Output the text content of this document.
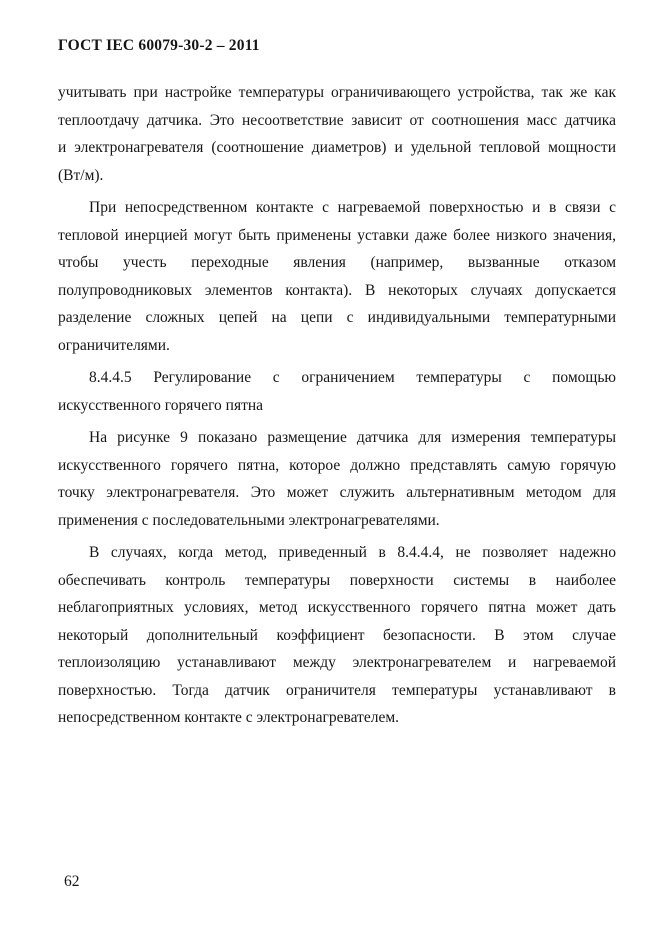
ГОСТ IEC 60079-30-2 – 2011
учитывать при настройке температуры ограничивающего устройства, так же как
теплоотдачу датчика. Это несоответствие зависит от соотношения масс датчика
и электронагревателя (соотношение диаметров) и удельной тепловой мощности
(Вт/м).
При непосредственном контакте с нагреваемой поверхностью и в связи с
тепловой инерцией могут быть применены уставки даже более низкого значения,
чтобы учесть переходные явления (например, вызванные отказом
полупроводниковых элементов контакта). В некоторых случаях допускается
разделение сложных цепей на цепи с индивидуальными температурными
ограничителями.
8.4.4.5 Регулирование с ограничением температуры с помощью
искусственного горячего пятна
На рисунке 9 показано размещение датчика для измерения температуры
искусственного горячего пятна, которое должно представлять самую горячую
точку электронагревателя. Это может служить альтернативным методом для
применения с последовательными электронагревателями.
В случаях, когда метод, приведенный в 8.4.4.4, не позволяет надежно
обеспечивать контроль температуры поверхности системы в наиболее
неблагоприятных условиях, метод искусственного горячего пятна может дать
некоторый дополнительный коэффициент безопасности. В этом случае
теплоизоляцию устанавливают между электронагревателем и нагреваемой
поверхностью. Тогда датчик ограничителя температуры устанавливают в
непосредственном контакте с электронагревателем.
62
